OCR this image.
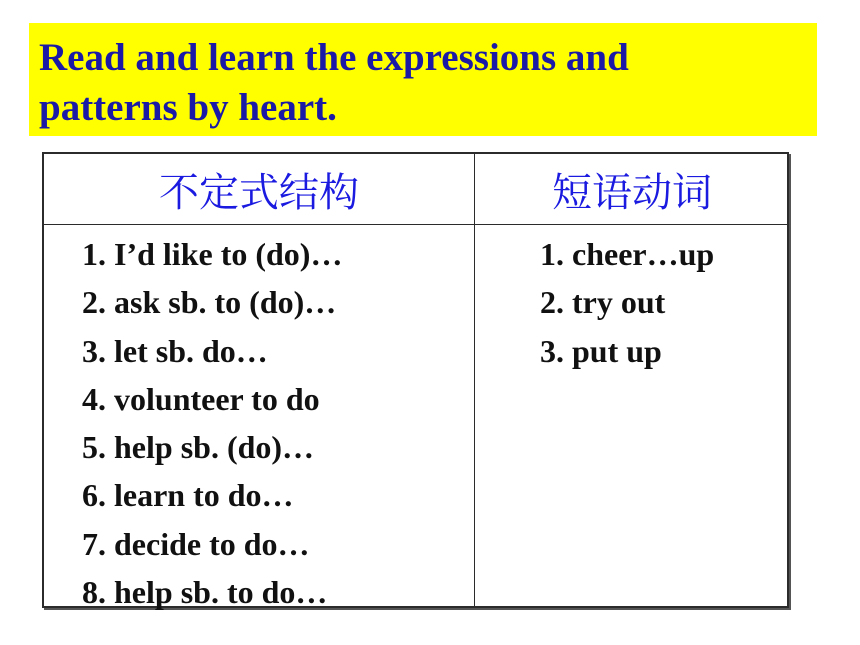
Read and learn the expressions and
patterns by heart.
不定式结构	短语动词
1. I’d like to (do)…
2. ask sb. to (do)…
3. let sb. do…
4. volunteer to do
5. help sb. (do)…
6. learn to do…
7. decide to do…
8. help sb. to do…
1. cheer…up
2. try out
3. put up
